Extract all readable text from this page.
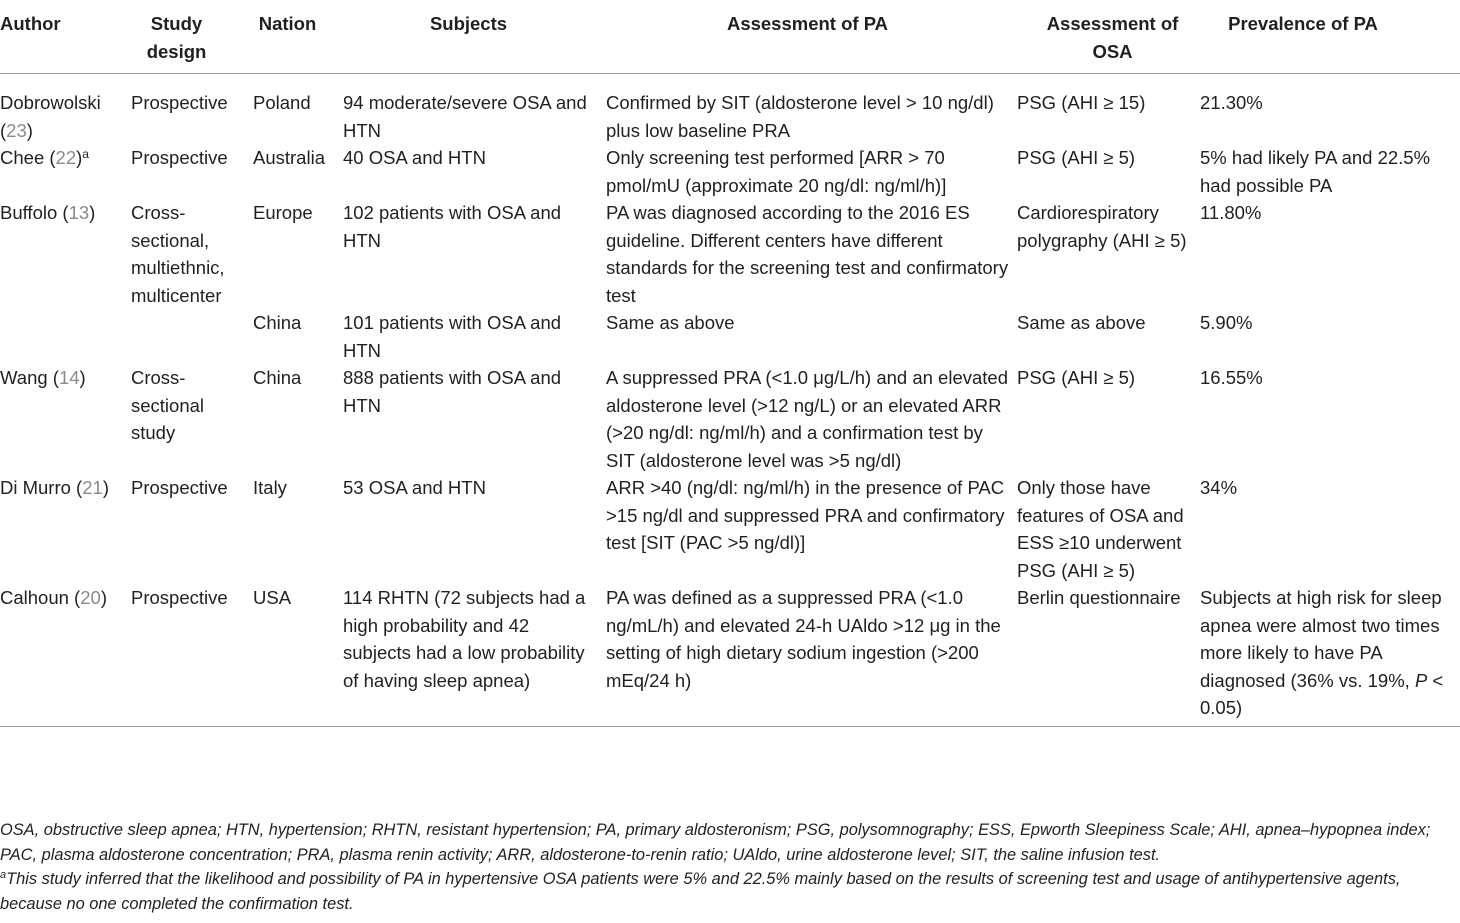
Author	Study design	Nation	Subjects	Assessment of PA	Assessment of OSA	Prevalence of PA
Dobrowolski (23)	Prospective	Poland	94 moderate/severe OSA and HTN	Confirmed by SIT (aldosterone level > 10 ng/dl) plus low baseline PRA	PSG (AHI ≥ 15)	21.30%
Chee $(22)^a$	Prospective	Australia	40 OSA and HTN	Only screening test performed [ARR > 70 pmol/mU (approximate 20 ng/dl: ng/ml/h)]	PSG (AHI ≥ 5)	5% had likely PA and 22.5% had possible PA
Buffolo (13)	Cross-sectional, multiethnic, multicenter	Europe	102 patients with OSA and HTN	PA was diagnosed according to the 2016 ES guideline. Different centers have different standards for the screening test and confirmatory test	Cardiorespiratory polygraphy (AHI ≥ 5)	11.80%
		China	101 patients with OSA and HTN	Same as above	Same as above	5.90%
Wang (14)	Cross-sectional study	China	888 patients with OSA and HTN	A suppressed PRA (<1.0 μg/L/h) and an elevated aldosterone level (>12 ng/L) or an elevated ARR (>20 ng/dl: ng/ml/h) and a confirmation test by SIT (aldosterone level was >5 ng/dl)	PSG (AHI ≥ 5)	16.55%
Di Murro (21)	Prospective	Italy	53 OSA and HTN	ARR >40 (ng/dl: ng/ml/h) in the presence of PAC >15 ng/dl and suppressed PRA and confirmatory test [SIT (PAC >5 ng/dl)]	Only those have features of OSA and ESS ≥10 underwent PSG (AHI ≥ 5)	34%
Calhoun (20)	Prospective	USA	114 RHTN (72 subjects had a high probability and 42 subjects had a low probability of having sleep apnea)	PA was defined as a suppressed PRA (<1.0 ng/mL/h) and elevated 24-h UAldo >12 μg in the setting of high dietary sodium ingestion (>200 mEq/24 h)	Berlin questionnaire	Subjects at high risk for sleep apnea were almost two times more likely to have PA diagnosed (36% vs. 19%, P < 0.05)

OSA, obstructive sleep apnea; HTN, hypertension; RHTN, resistant hypertension; PA, primary aldosteronism; PSG, polysomnography; ESS, Epworth Sleepiness Scale; AHI, apnea–hypopnea index; PAC, plasma aldosterone concentration; PRA, plasma renin activity; ARR, aldosterone-to-renin ratio; UAldo, urine aldosterone level; SIT, the saline infusion test.

$^a$This study inferred that the likelihood and possibility of PA in hypertensive OSA patients were 5% and 22.5% mainly based on the results of screening test and usage of antihypertensive agents, because no one completed the confirmation test.
